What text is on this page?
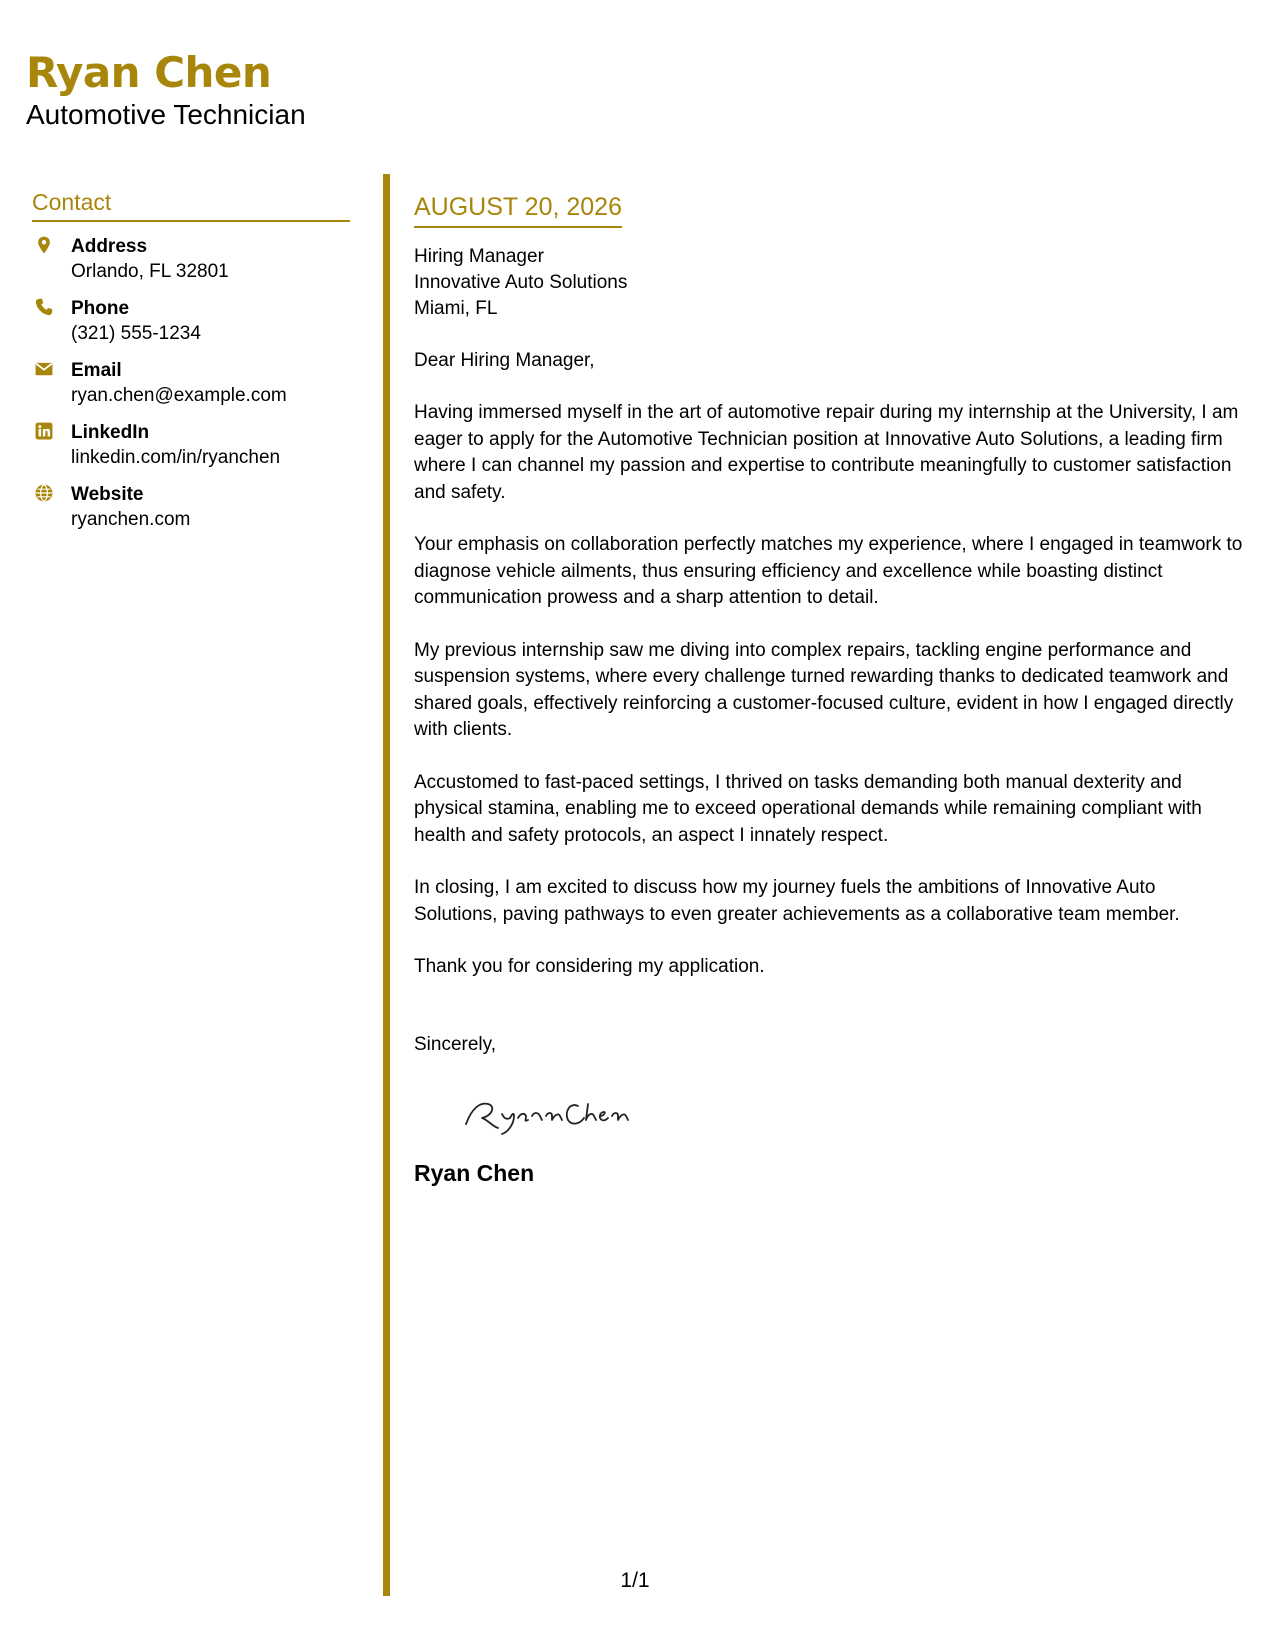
Ryan Chen
Automotive Technician
Contact
Address
Orlando, FL 32801
Phone
(321) 555-1234
Email
ryan.chen@example.com
LinkedIn
linkedin.com/in/ryanchen
Website
ryanchen.com
AUGUST 20, 2026
Hiring Manager
Innovative Auto Solutions
Miami, FL
Dear Hiring Manager,

Having immersed myself in the art of automotive repair during my internship at the University, I am eager to apply for the Automotive Technician position at Innovative Auto Solutions, a leading firm where I can channel my passion and expertise to contribute meaningfully to customer satisfaction and safety.

Your emphasis on collaboration perfectly matches my experience, where I engaged in teamwork to diagnose vehicle ailments, thus ensuring efficiency and excellence while boasting distinct communication prowess and a sharp attention to detail.

My previous internship saw me diving into complex repairs, tackling engine performance and suspension systems, where every challenge turned rewarding thanks to dedicated teamwork and shared goals, effectively reinforcing a customer-focused culture, evident in how I engaged directly with clients.

Accustomed to fast-paced settings, I thrived on tasks demanding both manual dexterity and physical stamina, enabling me to exceed operational demands while remaining compliant with health and safety protocols, an aspect I innately respect.

In closing, I am excited to discuss how my journey fuels the ambitions of Innovative Auto Solutions, paving pathways to even greater achievements as a collaborative team member.

Thank you for considering my application.
Sincerely,
Ryan Chen
1/1
